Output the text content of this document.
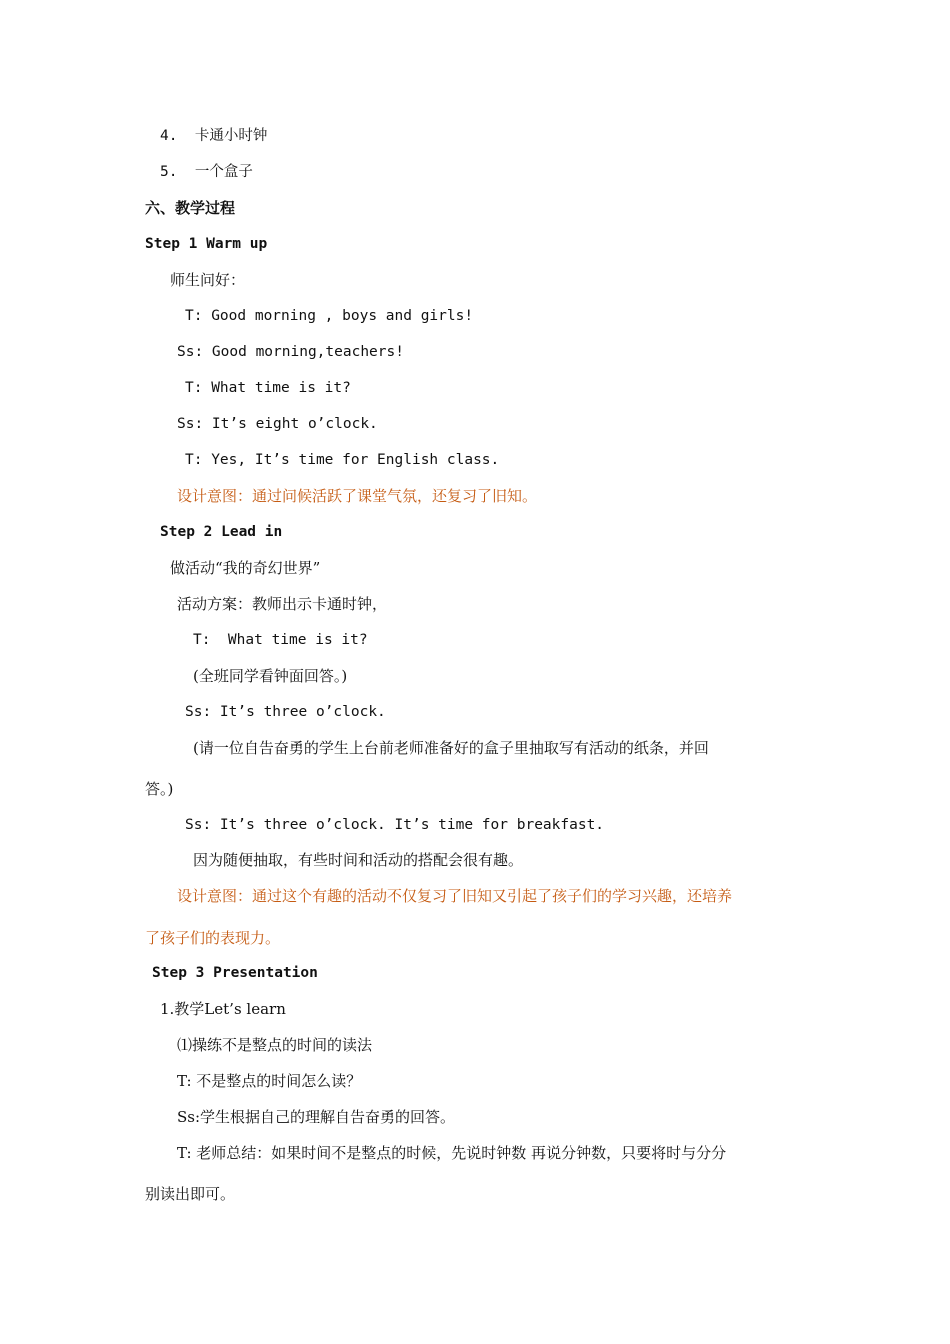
4.  卡通小时钟
5.  一个盒子
六、教学过程
Step 1 Warm up
师生问好：
T: Good morning , boys and girls!
Ss: Good morning,teachers!
T: What time is it?
Ss: It’s eight o’clock.
T: Yes, It’s time for English class.
设计意图：通过问候活跃了课堂气氛，还复习了旧知。
Step 2 Lead in
做活动“我的奇幻世界”
活动方案：教师出示卡通时钟，
T:  What time is it?
(全班同学看钟面回答。)
Ss: It’s three o’clock.
(请一位自告奋勇的学生上台前老师准备好的盒子里抽取写有活动的纸条，并回
答。)
Ss: It’s three o’clock. It’s time for breakfast.
因为随便抽取，有些时间和活动的搭配会很有趣。
设计意图：通过这个有趣的活动不仅复习了旧知又引起了孩子们的学习兴趣，还培养
了孩子们的表现力。
Step 3 Presentation
1.教学Let’s learn
⑴操练不是整点的时间的读法
T: 不是整点的时间怎么读？
Ss:学生根据自己的理解自告奋勇的回答。
T: 老师总结：如果时间不是整点的时候，先说时钟数 再说分钟数，只要将时与分分
别读出即可。
